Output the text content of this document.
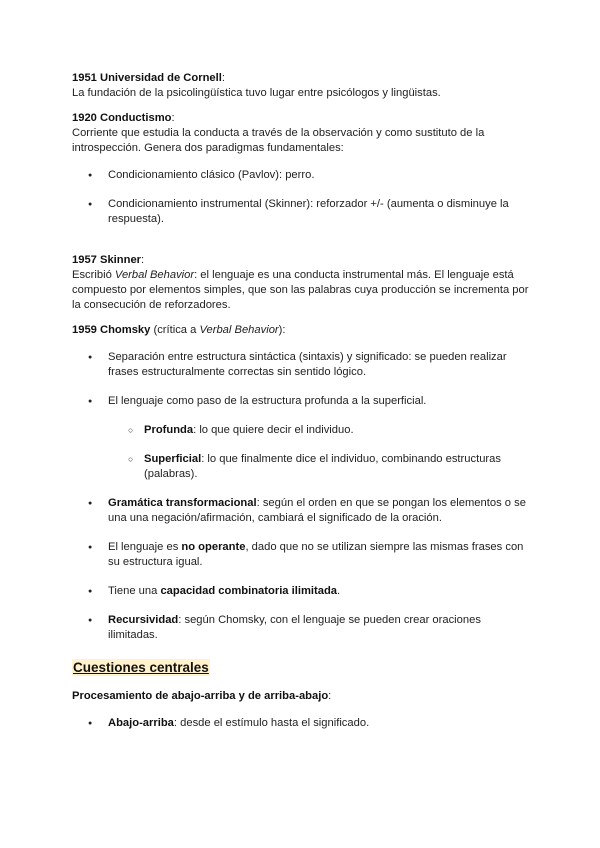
1951 Universidad de Cornell:

La fundación de la psicolingüística tuvo lugar entre psicólogos y lingüistas.

1920 Conductismo:

Corriente que estudia la conducta a través de la observación y como sustituto de la introspección. Genera dos paradigmas fundamentales:

● Condicionamiento clásico (Pavlov): perro.
● Condicionamiento instrumental (Skinner): reforzador +/- (aumenta o disminuye la respuesta).

1957 Skinner:

Escribió Verbal Behavior: el lenguaje es una conducta instrumental más. El lenguaje está compuesto por elementos simples, que son las palabras cuya producción se incrementa por la consecución de reforzadores.

1959 Chomsky (crítica a Verbal Behavior):

● Separación entre estructura sintáctica (sintaxis) y significado: se pueden realizar frases estructuralmente correctas sin sentido lógico.
● El lenguaje como paso de la estructura profunda a la superficial.
○ Profunda: lo que quiere decir el individuo.
○ Superficial: lo que finalmente dice el individuo, combinando estructuras (palabras).
● Gramática transformacional: según el orden en que se pongan los elementos o se una una negación/afirmación, cambiará el significado de la oración.
● El lenguaje es no operante, dado que no se utilizan siempre las mismas frases con su estructura igual.
● Tiene una capacidad combinatoria ilimitada.
● Recursividad: según Chomsky, con el lenguaje se pueden crear oraciones ilimitadas.
Cuestiones centrales

Procesamiento de abajo-arriba y de arriba-abajo:

● Abajo-arriba: desde el estímulo hasta el significado.
